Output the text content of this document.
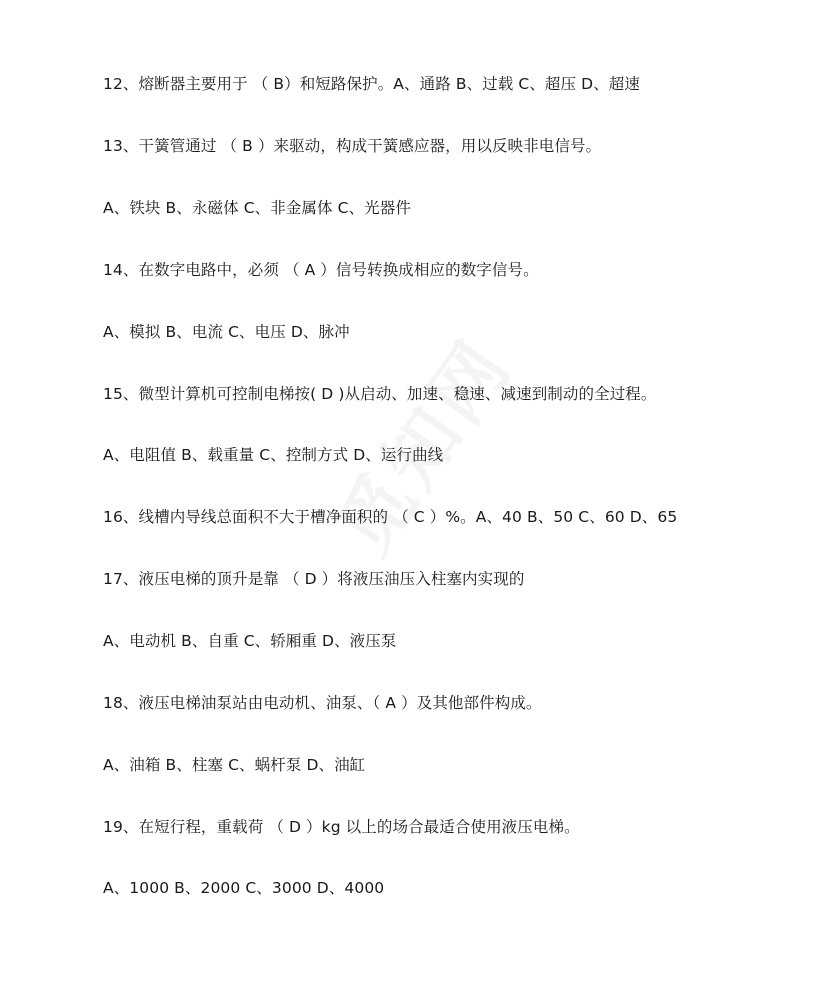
12、熔断器主要用于 （ B）和短路保护。A、通路 B、过载 C、超压 D、超速
13、干簧管通过 （ B ）来驱动，构成干簧感应器，用以反映非电信号。
A、铁块 B、永磁体 C、非金属体 C、光器件
14、在数字电路中，必须 （ A ）信号转换成相应的数字信号。
A、模拟 B、电流 C、电压 D、脉冲
15、微型计算机可控制电梯按( D )从启动、加速、稳速、减速到制动的全过程。
A、电阻值 B、载重量 C、控制方式 D、运行曲线
16、线槽内导线总面积不大于槽净面积的 （ C ）%。A、40 B、50 C、60 D、65
17、液压电梯的顶升是靠 （ D ）将液压油压入柱塞内实现的
A、电动机 B、自重 C、轿厢重 D、液压泵
18、液压电梯油泵站由电动机、油泵、（ A ）及其他部件构成。
A、油箱 B、柱塞 C、蜗杆泵 D、油缸
19、在短行程，重载荷 （ D ）kg 以上的场合最适合使用液压电梯。
A、1000 B、2000 C、3000 D、4000
